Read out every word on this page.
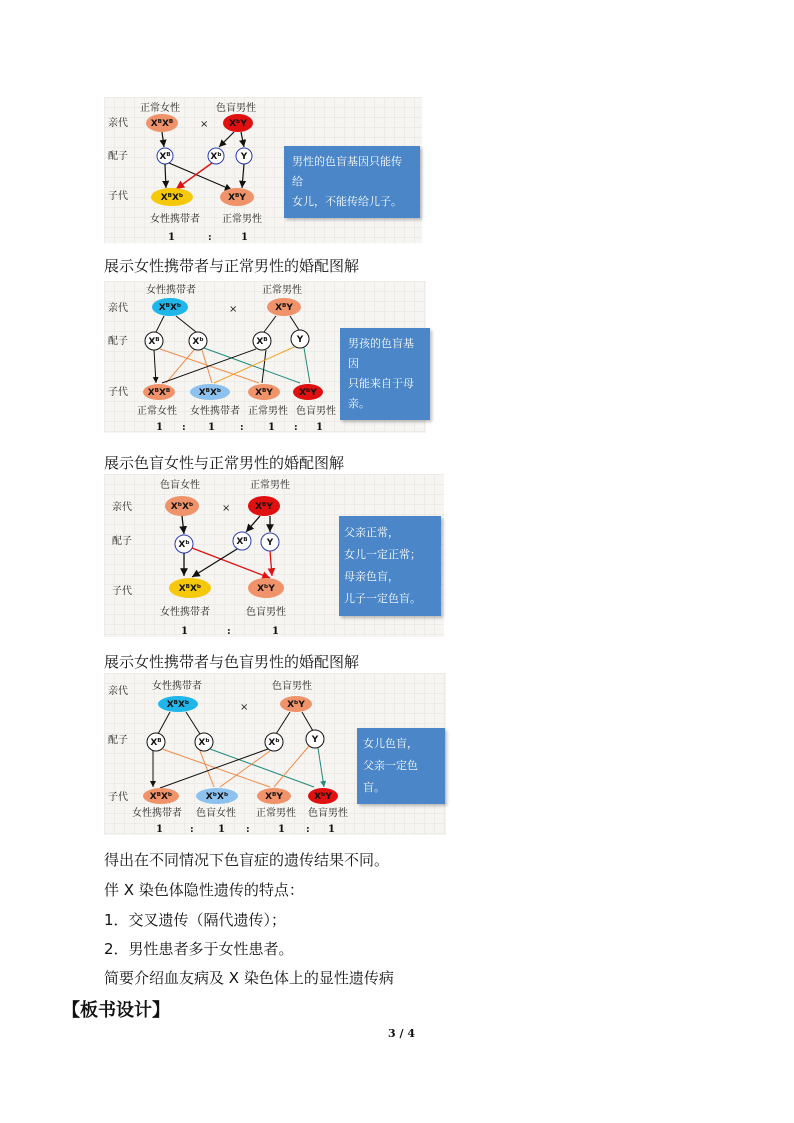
亲代
配子
子代
正常女性	色盲男性
XᴮXᴮ	× XᵇY
Xᴮ	Xᵇ Y
XᴮXᵇ	XᴮY
女性携带者 正常男性
1	:	1
男性的色盲基因只能传给
女儿，不能传给儿子。
展示女性携带者与正常男性的婚配图解
亲代
配子
子代
女性携带者	正常男性
XᴮXᵇ	×	XᴮY
Xᴮ	Xᵇ	Xᴮ	Y
XᴮXᴮ	XᴮXᵇ	XᴮY	XᵇY
正常女性 女性携带者 正常男性 色盲男性
1 : 1	: 1 : 1
男孩的色盲基因
只能来自于母亲。
展示色盲女性与正常男性的婚配图解
亲代
配子
子代
色盲女性	正常男性
XᵇXᵇ	×	XᴮY
Xᵇ	Xᴮ Y
XᴮXᵇ	XᵇY
女性携带者	色盲男性
1	:	1
父亲正常，
女儿一定正常；
母亲色盲，
儿子一定色盲。
展示女性携带者与色盲男性的婚配图解
亲代
配子
子代
女性携带者	色盲男性
XᴮXᵇ	×	XᵇY
Xᴮ	Xᵇ	Xᵇ	Y
XᴮXᵇ	XᵇXᵇ	XᴮY	XᵇY
女性携带者 色盲女性 正常男性 色盲男性
1	: 1 :	1 : 1
女儿色盲，
父亲一定色盲。
得出在不同情况下色盲症的遗传结果不同。
伴 X 染色体隐性遗传的特点：
1．交叉遗传（隔代遗传）；
2．男性患者多于女性患者。
简要介绍血友病及 X 染色体上的显性遗传病
【板书设计】
3 / 4
